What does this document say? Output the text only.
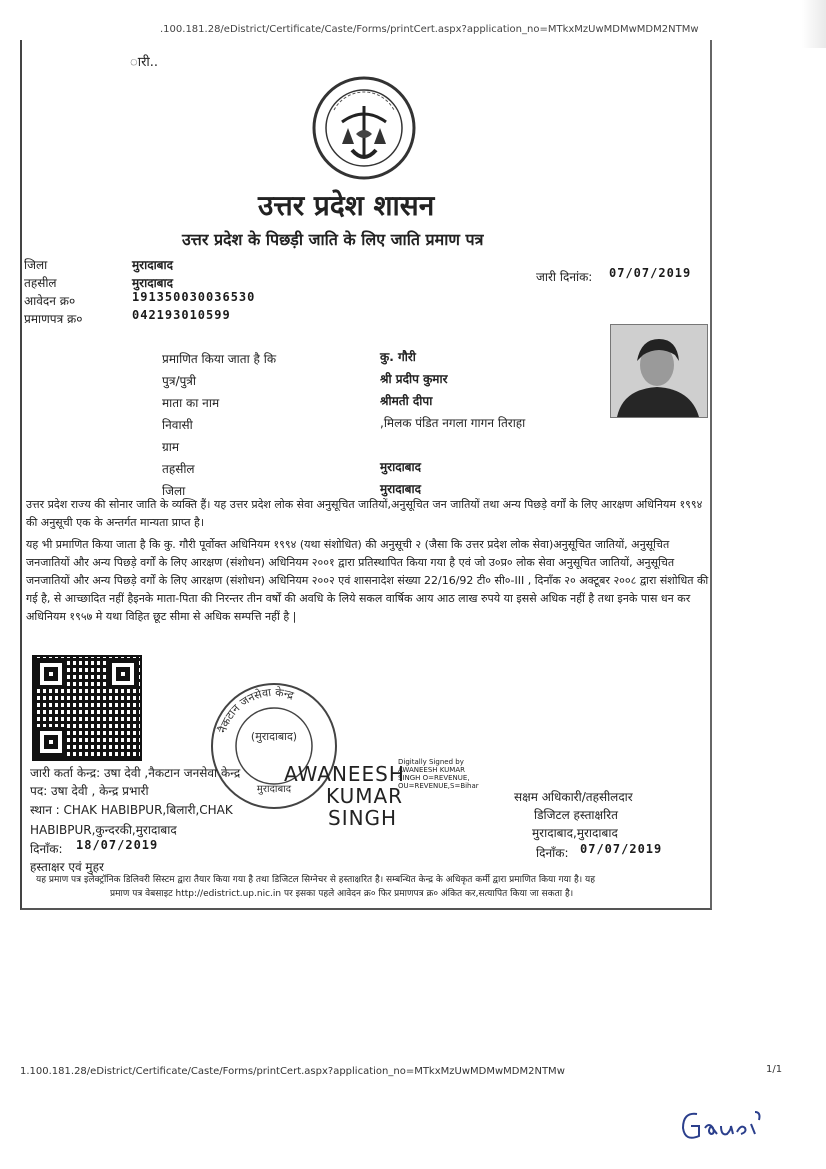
.100.181.28/eDistrict/Certificate/Caste/Forms/printCert.aspx?application_no=MTkxMzUwMDMwMDM2NTMw
ारी..
उत्तर प्रदेश शासन
उत्तर प्रदेश के पिछड़ी जाति के लिए जाति प्रमाण पत्र
जिला	मुरादाबाद
तहसील	मुरादाबाद
आवेदन क्र०	191350030036530
प्रमाणपत्र क्र०	042193010599
जारी दिनांक: 07/07/2019
प्रमाणित किया जाता है कि	कु. गौरी
पुत्र/पुत्री	श्री प्रदीप कुमार
माता का नाम	श्रीमती दीपा
निवासी	,मिलक पंडित नगला गागन तिराहा
ग्राम
तहसील	मुरादाबाद
जिला	मुरादाबाद
उत्तर प्रदेश राज्य की सोनार जाति के व्यक्ति हैं। यह उत्तर प्रदेश लोक सेवा अनुसूचित जातियों,अनुसूचित जन जातियों तथा अन्य पिछड़े वर्गों के लिए आरक्षण अधिनियम १९९४ की अनुसूची एक के अन्तर्गत मान्यता प्राप्त है।
यह भी प्रमाणित किया जाता है कि कु. गौरी पूर्वोक्त अधिनियम १९९४ (यथा संशोधित) की अनुसूची २ (जैसा कि उत्तर प्रदेश लोक सेवा)अनुसूचित जातियों, अनुसूचित जनजातियों और अन्य पिछड़े वर्गों के लिए आरक्षण (संशोधन) अधिनियम २००१ द्वारा प्रतिस्थापित किया गया है एवं जो उ०प्र० लोक सेवा अनुसूचित जातियों, अनुसूचित जनजातियों और अन्य पिछड़े वर्गों के लिए आरक्षण (संशोधन) अधिनियम २००२ एवं शासनादेश संख्या 22/16/92 टी० सी०-III , दिनाँक २० अक्टूबर २००८ द्वारा संशोधित की गई है, से आच्छादित नहीं हैइनके माता-पिता की निरन्तर तीन वर्षों की अवधि के लिये सकल वार्षिक आय आठ लाख रुपये या इससे अधिक नहीं है तथा इनके पास धन कर अधिनियम १९५७ मे यथा विहित छूट सीमा से अधिक सम्पत्ति नहीं है |
नैकटान जनसेवा केन्द्र
(मुरादाबाद)
मुरादाबाद
AWANEESH
KUMAR
SINGH
Digitally Signed by
AWANEESH KUMAR
SINGH O=REVENUE,
OU=REVENUE,S=Bihar
जारी कर्ता केन्द्र: उषा देवी ,नैकटान जनसेवा केन्द्र
पद: उषा देवी , केन्द्र प्रभारी
स्थान : CHAK HABIBPUR,बिलारी,CHAK HABIBPUR,कुन्दरकी,मुरादाबाद
दिनाँक: 18/07/2019
हस्ताक्षर एवं मुहर
सक्षम अधिकारी/तहसीलदार
डिजिटल हस्ताक्षरित
मुरादाबाद,मुरादाबाद
दिनाँक: 07/07/2019
यह प्रमाण पत्र इलेक्ट्रॉनिक डिलिवरी सिस्टम द्वारा तैयार किया गया है तथा डिजिटल सिग्नेचर से हस्ताक्षरित है। सम्बन्धित केन्द्र के अधिकृत कर्मी द्वारा प्रमाणित किया गया है। यह
प्रमाण पत्र वेबसाइट http://edistrict.up.nic.in पर इसका पहले आवेदन क्र० फिर प्रमाणपत्र क्र० अंकित कर,सत्यापित किया जा सकता है।
1.100.181.28/eDistrict/Certificate/Caste/Forms/printCert.aspx?application_no=MTkxMzUwMDMwMDM2NTMw	1/1
